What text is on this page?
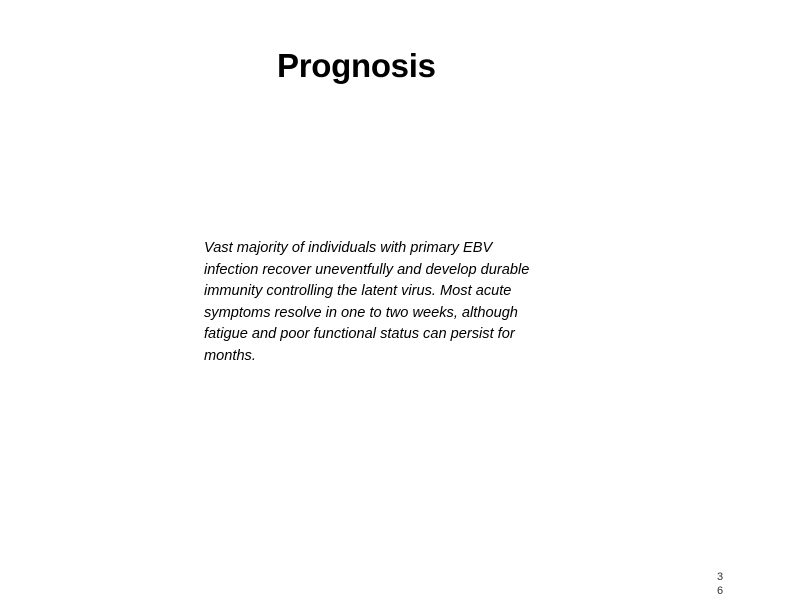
Prognosis
Vast majority of individuals with primary EBV
infection recover uneventfully and develop durable
immunity controlling the latent virus. Most acute
symptoms resolve in one to two weeks, although
fatigue and poor functional status can persist for
months.
3
6
